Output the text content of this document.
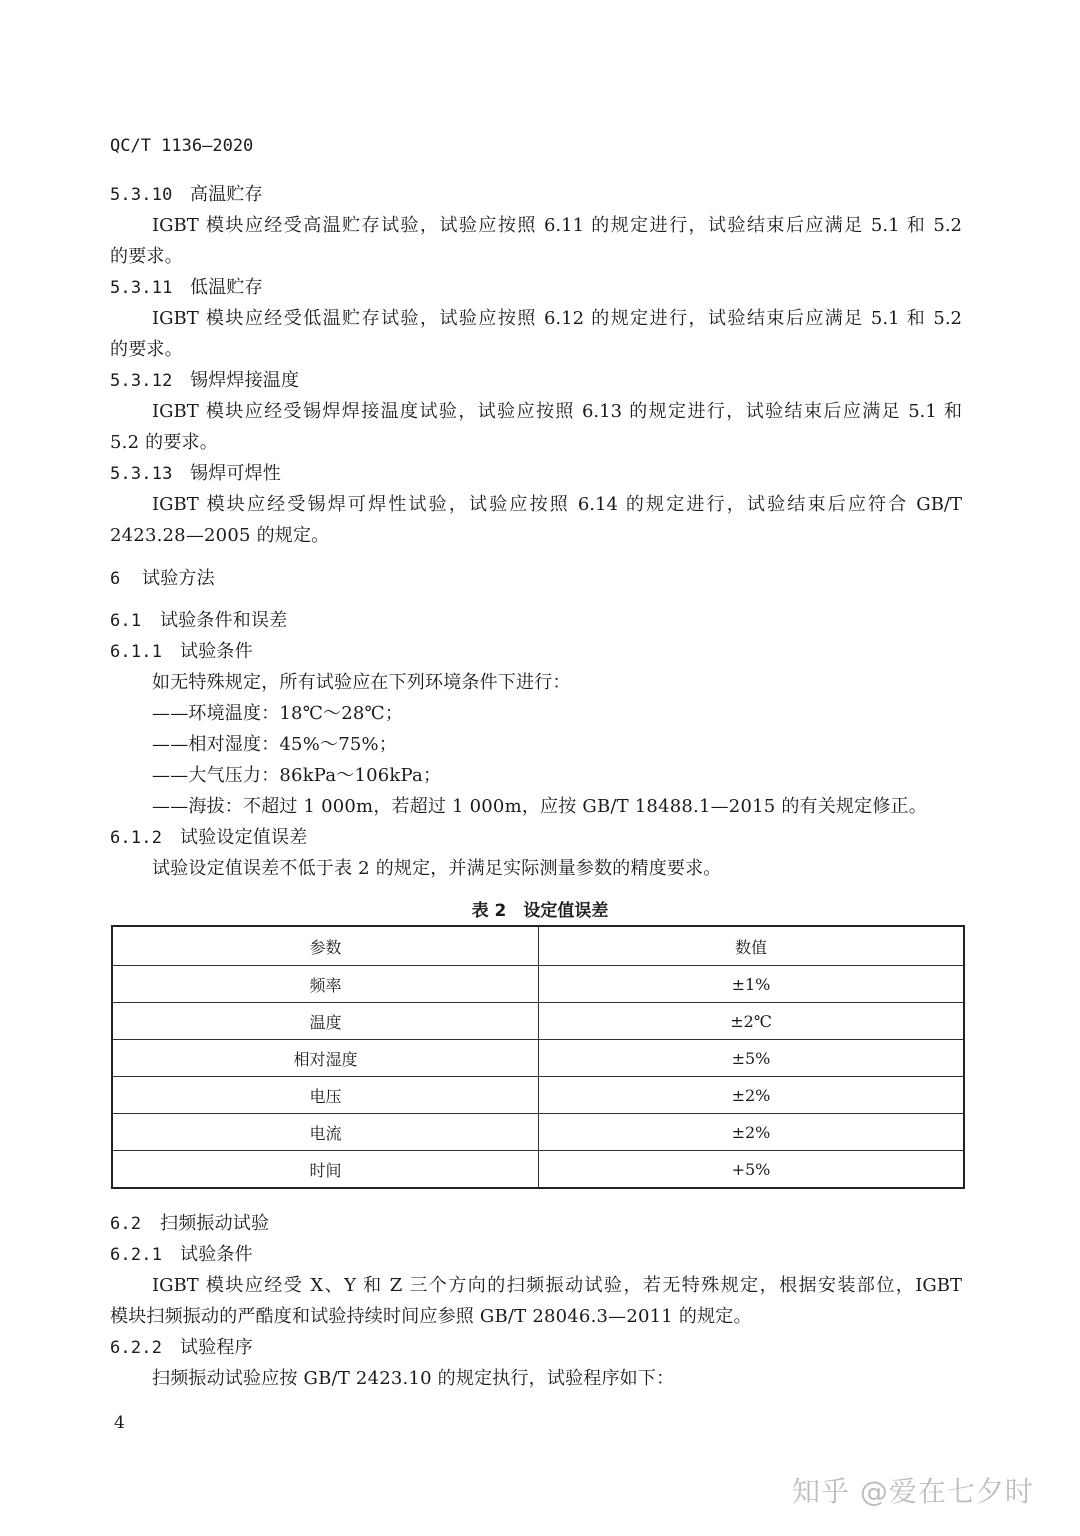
QC/T 1136—2020
5.3.10 高温贮存
IGBT 模块应经受高温贮存试验，试验应按照 6.11 的规定进行，试验结束后应满足 5.1 和 5.2
的要求。
5.3.11 低温贮存
IGBT 模块应经受低温贮存试验，试验应按照 6.12 的规定进行，试验结束后应满足 5.1 和 5.2
的要求。
5.3.12 锡焊焊接温度
IGBT 模块应经受锡焊焊接温度试验，试验应按照 6.13 的规定进行，试验结束后应满足 5.1 和
5.2 的要求。
5.3.13 锡焊可焊性
IGBT 模块应经受锡焊可焊性试验，试验应按照 6.14 的规定进行，试验结束后应符合 GB/T
2423.28—2005 的规定。
6 试验方法
6.1 试验条件和误差
6.1.1 试验条件
如无特殊规定，所有试验应在下列环境条件下进行：
——环境温度：18℃～28℃；
——相对湿度：45%～75%；
——大气压力：86kPa～106kPa；
——海拔：不超过 1 000m，若超过 1 000m，应按 GB/T 18488.1—2015 的有关规定修正。
6.1.2 试验设定值误差
试验设定值误差不低于表 2 的规定，并满足实际测量参数的精度要求。
表 2　设定值误差
参数	数值
频率	±1%
温度	±2℃
相对湿度	±5%
电压	±2%
电流	±2%
时间	+5%
6.2 扫频振动试验
6.2.1 试验条件
IGBT 模块应经受 X、Y 和 Z 三个方向的扫频振动试验，若无特殊规定，根据安装部位，IGBT
模块扫频振动的严酷度和试验持续时间应参照 GB/T 28046.3—2011 的规定。
6.2.2 试验程序
扫频振动试验应按 GB/T 2423.10 的规定执行，试验程序如下：
4
知乎 @爱在七夕时
